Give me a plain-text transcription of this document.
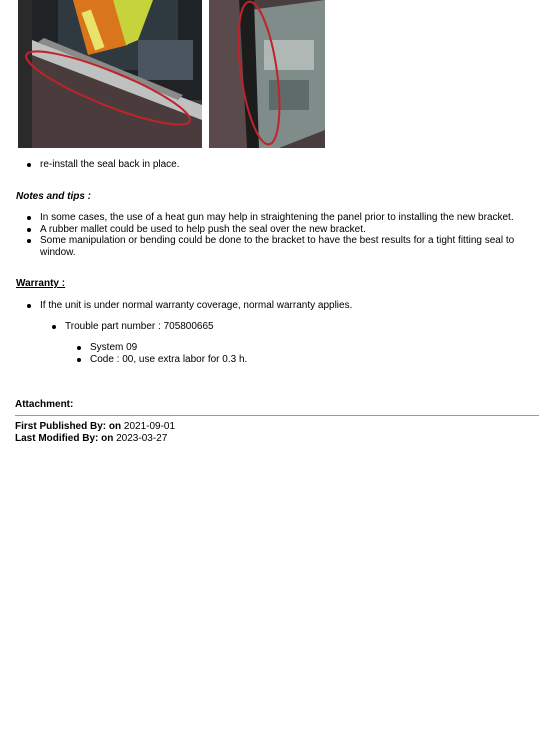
re-install the seal back in place.
Notes and tips :
In some cases, the use of a heat gun may help in straightening the panel prior to installing the new bracket.
A rubber mallet could be used to help push the seal over the new bracket.
Some manipulation or bending could be done to the bracket to have the best results for a tight fitting seal to window.
Warranty :
If the unit is under normal warranty coverage, normal warranty applies.
Trouble part number : 705800665
System 09
Code : 00, use extra labor for 0.3 h.
Attachment:
First Published By: on 2021-09-01
Last Modified By: on 2023-03-27
